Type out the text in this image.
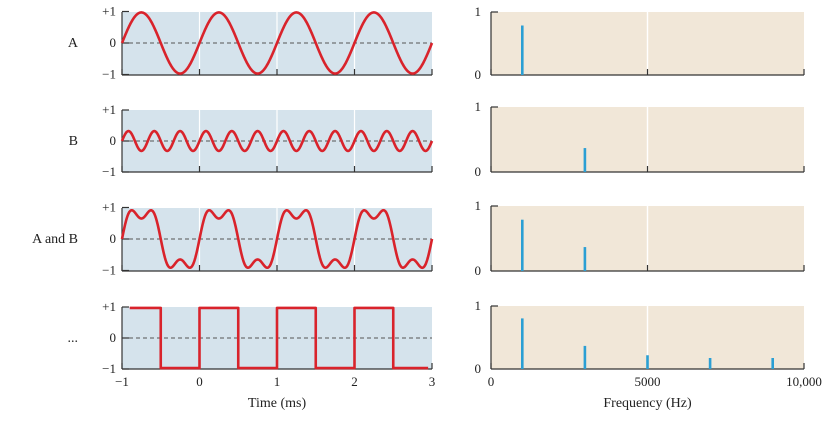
+1
0
−1
A
+1
0
−1
B
+1
0
−1
A and B
+1
0
−1
...
−1	0	1	2	3
Time (ms)
1
0
1
0
1
0
1
0
0	5000	10,000
Frequency (Hz)
